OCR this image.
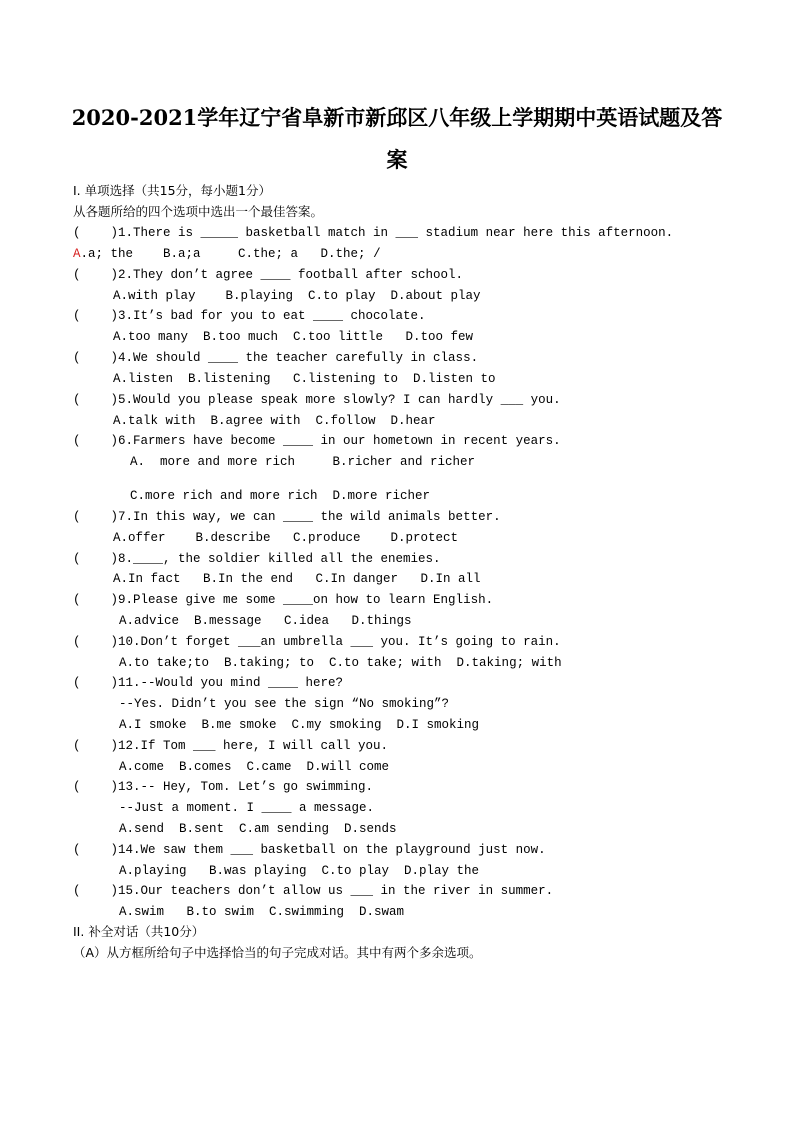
2020-2021学年辽宁省阜新市新邱区八年级上学期期中英语试题及答
案
I. 单项选择（共15分，每小题1分）
从各题所给的四个选项中选出一个最佳答案。
(    )1.There is _____ basketball match in ___ stadium near here this afternoon.
A.a; the    B.a;a     C.the; a   D.the; /
(    )2.They don’t agree ____ football after school.
A.with play    B.playing  C.to play  D.about play
(    )3.It’s bad for you to eat ____ chocolate.
A.too many  B.too much  C.too little   D.too few
(    )4.We should ____ the teacher carefully in class.
A.listen  B.listening   C.listening to  D.listen to
(    )5.Would you please speak more slowly? I can hardly ___ you.
A.talk with  B.agree with  C.follow  D.hear
(    )6.Farmers have become ____ in our hometown in recent years.
A.  more and more rich     B.richer and richer
C.more rich and more rich  D.more richer
(    )7.In this way, we can ____ the wild animals better.
A.offer    B.describe   C.produce    D.protect
(    )8.____, the soldier killed all the enemies.
A.In fact   B.In the end   C.In danger   D.In all
(    )9.Please give me some ____on how to learn English.
A.advice  B.message   C.idea   D.things
(    )10.Don’t forget ___an umbrella ___ you. It’s going to rain.
A.to take;to  B.taking; to  C.to take; with  D.taking; with
(    )11.--Would you mind ____ here?
--Yes. Didn’t you see the sign “No smoking”?
A.I smoke  B.me smoke  C.my smoking  D.I smoking
(    )12.If Tom ___ here, I will call you.
A.come  B.comes  C.came  D.will come
(    )13.-- Hey, Tom. Let’s go swimming.
--Just a moment. I ____ a message.
A.send  B.sent  C.am sending  D.sends
(    )14.We saw them ___ basketball on the playground just now.
A.playing   B.was playing  C.to play  D.play the
(    )15.Our teachers don’t allow us ___ in the river in summer.
A.swim   B.to swim  C.swimming  D.swam
II. 补全对话（共10分）
（A）从方框所给句子中选择恰当的句子完成对话。其中有两个多余选项。
